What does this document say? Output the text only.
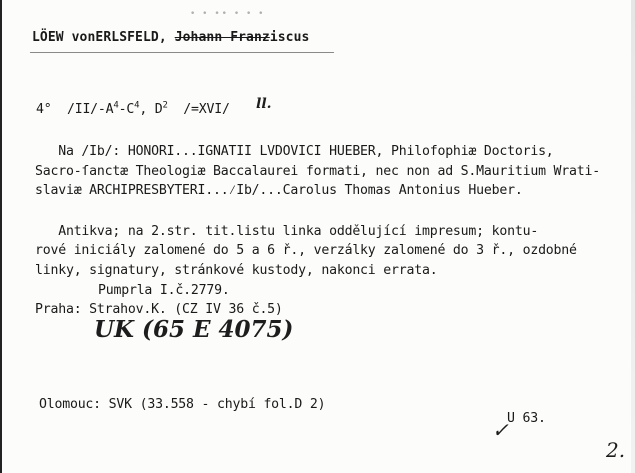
• • •• • • •
LÖEW vonERLSFELD, Johann Franziscus
4° $/II/-A^4-C^4$, $D^2$ /=XVI/ ll.
Na /Ib/: HONORI...IGNATII LVDOVICI HUEBER, Philofophiæ Doctoris,
Sacro-ſanctæ Theologiæ Baccalaurei formati, nec non ad S.Mauritium Wrati-
slaviæ ARCHIPRESBYTERI...⁄Ib/...Carolus Thomas Antonius Hueber.
Antikva; na 2.str. tit.listu linka oddělující impresum; kontu-
rové iniciály zalomené do 5 a 6 ř., verzálky zalomené do 3 ř., ozdobné
linky, signatury, stránkové kustody, nakonci errata.
Pumprla I.č.2779.
Praha: Strahov.K. (CZ IV 36 č.5)
UK (65 E 4075)
Olomouc: SVK (33.558 - chybí fol.D 2)
U 63.
✓
2.
